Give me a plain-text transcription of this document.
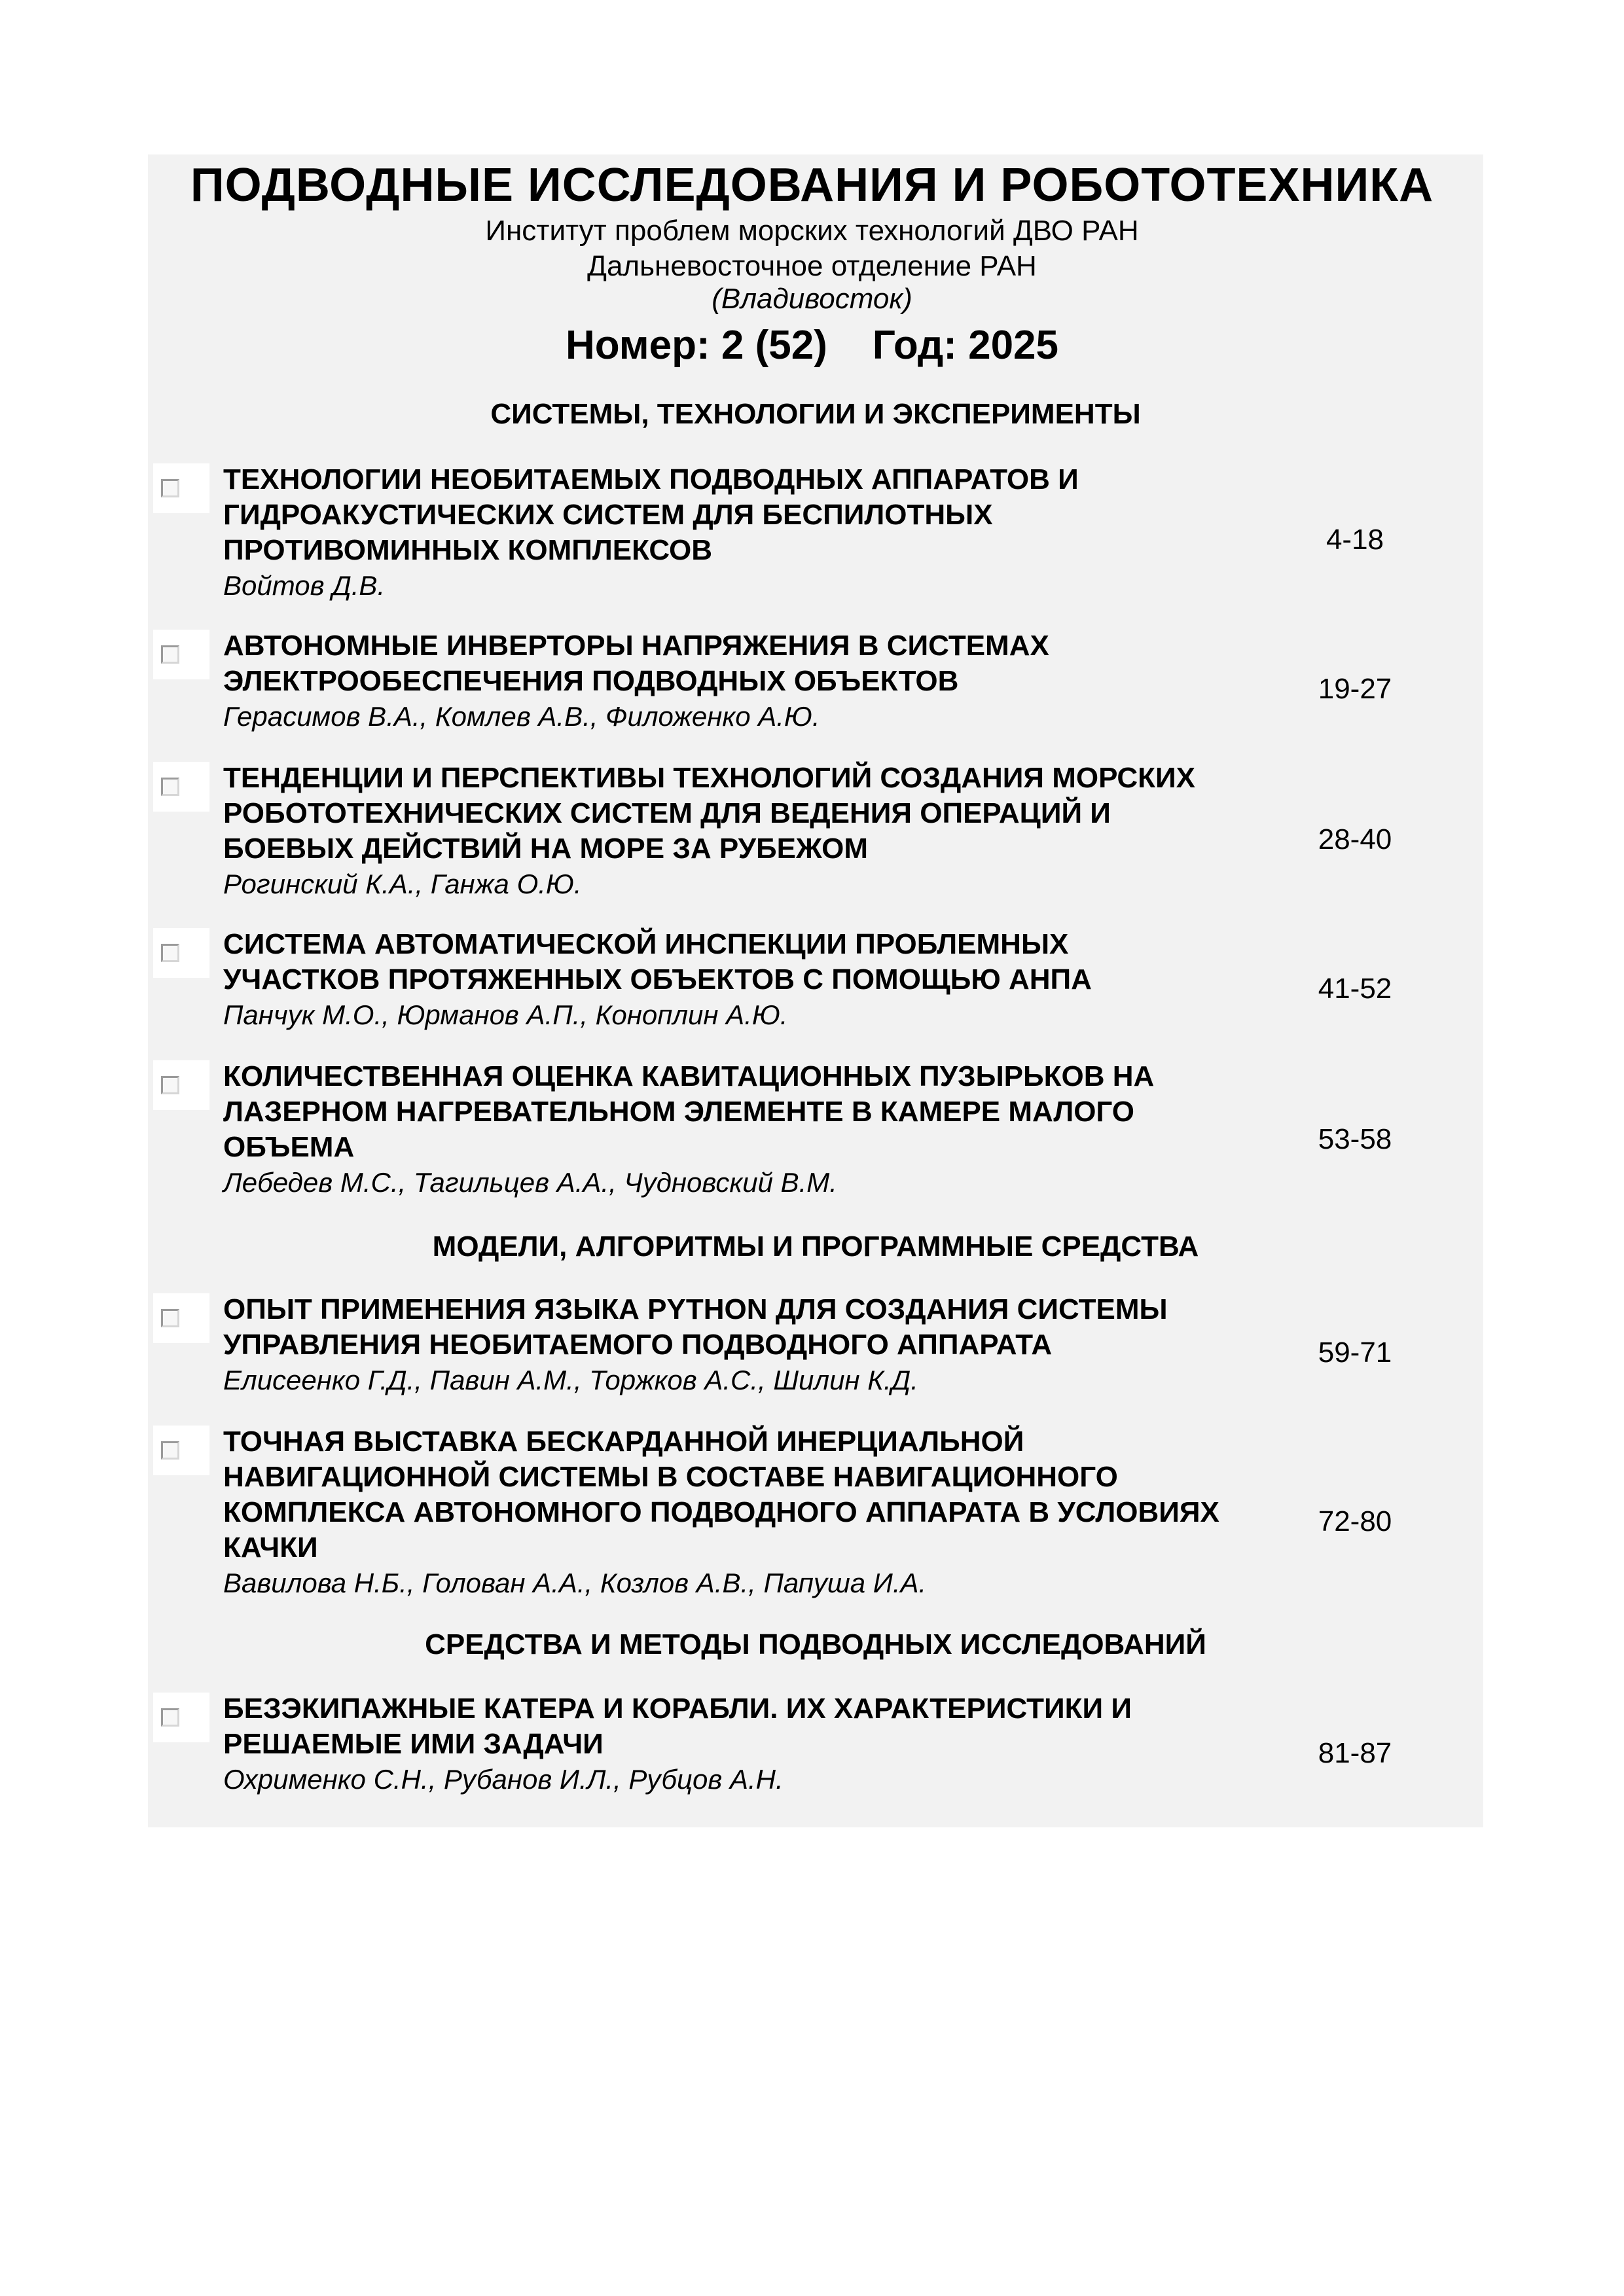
ПОДВОДНЫЕ ИССЛЕДОВАНИЯ И РОБОТОТЕХНИКА
Институт проблем морских технологий ДВО РАН
Дальневосточное отделение РАН
(Владивосток)
Номер: 2 (52)    Год: 2025
СИСТЕМЫ, ТЕХНОЛОГИИ И ЭКСПЕРИМЕНТЫ
ТЕХНОЛОГИИ НЕОБИТАЕМЫХ ПОДВОДНЫХ АППАРАТОВ И ГИДРОАКУСТИЧЕСКИХ СИСТЕМ ДЛЯ БЕСПИЛОТНЫХ ПРОТИВОМИННЫХ КОМПЛЕКСОВ
Войтов Д.В.
4-18
АВТОНОМНЫЕ ИНВЕРТОРЫ НАПРЯЖЕНИЯ В СИСТЕМАХ ЭЛЕКТРООБЕСПЕЧЕНИЯ ПОДВОДНЫХ ОБЪЕКТОВ
Герасимов В.А., Комлев А.В., Филоженко А.Ю.
19-27
ТЕНДЕНЦИИ И ПЕРСПЕКТИВЫ ТЕХНОЛОГИЙ СОЗДАНИЯ МОРСКИХ РОБОТОТЕХНИЧЕСКИХ СИСТЕМ ДЛЯ ВЕДЕНИЯ ОПЕРАЦИЙ И БОЕВЫХ ДЕЙСТВИЙ НА МОРЕ ЗА РУБЕЖОМ
Рогинский К.А., Ганжа О.Ю.
28-40
СИСТЕМА АВТОМАТИЧЕСКОЙ ИНСПЕКЦИИ ПРОБЛЕМНЫХ УЧАСТКОВ ПРОТЯЖЕННЫХ ОБЪЕКТОВ С ПОМОЩЬЮ АНПА
Панчук М.О., Юрманов А.П., Коноплин А.Ю.
41-52
КОЛИЧЕСТВЕННАЯ ОЦЕНКА КАВИТАЦИОННЫХ ПУЗЫРЬКОВ НА ЛАЗЕРНОМ НАГРЕВАТЕЛЬНОМ ЭЛЕМЕНТЕ В КАМЕРЕ МАЛОГО ОБЪЕМА
Лебедев М.С., Тагильцев А.А., Чудновский В.М.
53-58
МОДЕЛИ, АЛГОРИТМЫ И ПРОГРАММНЫЕ СРЕДСТВА
ОПЫТ ПРИМЕНЕНИЯ ЯЗЫКА PYTHON ДЛЯ СОЗДАНИЯ СИСТЕМЫ УПРАВЛЕНИЯ НЕОБИТАЕМОГО ПОДВОДНОГО АППАРАТА
Елисеенко Г.Д., Павин А.М., Торжков А.С., Шилин К.Д.
59-71
ТОЧНАЯ ВЫСТАВКА БЕСКАРДАННОЙ ИНЕРЦИАЛЬНОЙ НАВИГАЦИОННОЙ СИСТЕМЫ В СОСТАВЕ НАВИГАЦИОННОГО КОМПЛЕКСА АВТОНОМНОГО ПОДВОДНОГО АППАРАТА В УСЛОВИЯХ КАЧКИ
Вавилова Н.Б., Голован А.А., Козлов А.В., Папуша И.А.
72-80
СРЕДСТВА И МЕТОДЫ ПОДВОДНЫХ ИССЛЕДОВАНИЙ
БЕЗЭКИПАЖНЫЕ КАТЕРА И КОРАБЛИ. ИХ ХАРАКТЕРИСТИКИ И РЕШАЕМЫЕ ИМИ ЗАДАЧИ
Охрименко С.Н., Рубанов И.Л., Рубцов А.Н.
81-87
